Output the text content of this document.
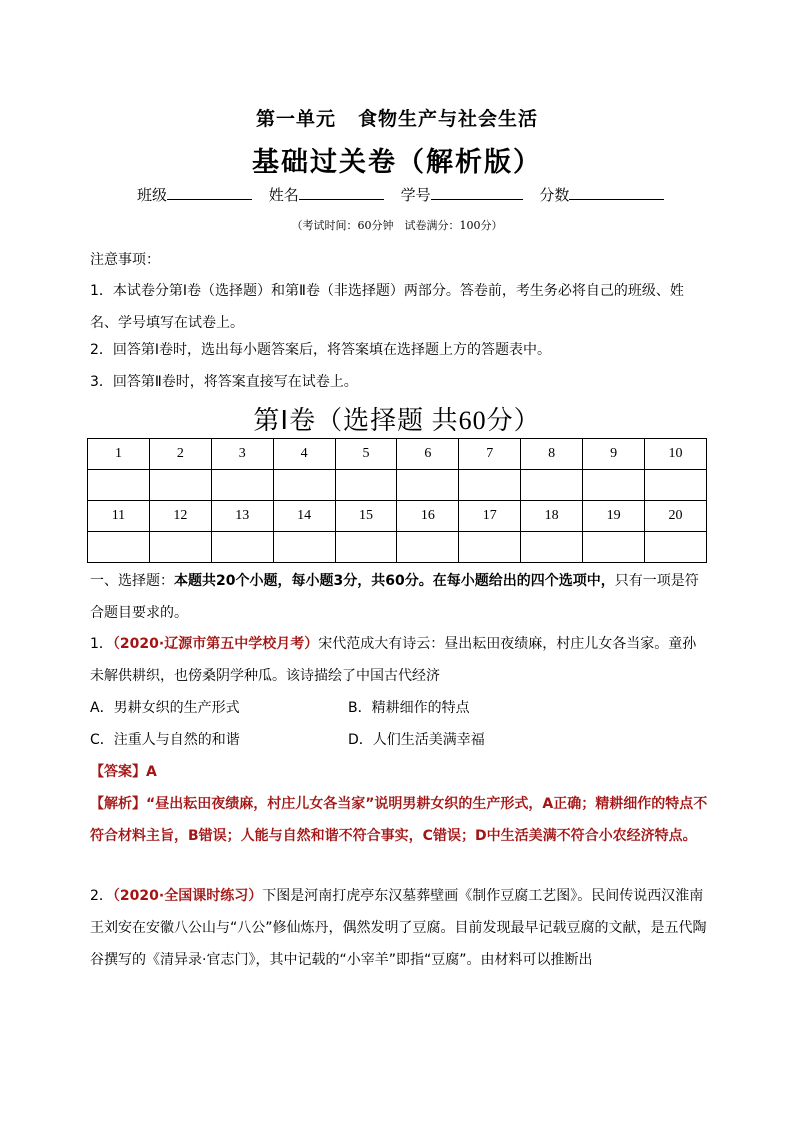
第一单元 食物生产与社会生活
基础过关卷（解析版）
班级	姓名	学号	分数
（考试时间：60分钟　试卷满分：100分）
注意事项：
1．本试卷分第Ⅰ卷（选择题）和第Ⅱ卷（非选择题）两部分。答卷前，考生务必将自己的班级、姓名、学号填写在试卷上。
2．回答第Ⅰ卷时，选出每小题答案后，将答案填在选择题上方的答题表中。
3．回答第Ⅱ卷时，将答案直接写在试卷上。
第Ⅰ卷（选择题 共60分）
1	2	3	4	5	6	7	8	9	10

11	12	13	14	15	16	17	18	19	20

一、选择题：本题共20个小题，每小题3分，共60分。在每小题给出的四个选项中，只有一项是符合题目要求的。
1．（2020·辽源市第五中学校月考）宋代范成大有诗云：昼出耘田夜绩麻，村庄儿女各当家。童孙未解供耕织，也傍桑阴学种瓜。该诗描绘了中国古代经济
A．男耕女织的生产形式	B．精耕细作的特点
C．注重人与自然的和谐	D．人们生活美满幸福
【答案】A
【解析】“昼出耘田夜绩麻，村庄儿女各当家”说明男耕女织的生产形式，A正确；精耕细作的特点不符合材料主旨，B错误；人能与自然和谐不符合事实，C错误；D中生活美满不符合小农经济特点。
2．（2020·全国课时练习）下图是河南打虎亭东汉墓葬壁画《制作豆腐工艺图》。民间传说西汉淮南王刘安在安徽八公山与“八公”修仙炼丹，偶然发明了豆腐。目前发现最早记载豆腐的文献，是五代陶谷撰写的《清异录·官志门》，其中记载的“小宰羊”即指“豆腐”。由材料可以推断出
